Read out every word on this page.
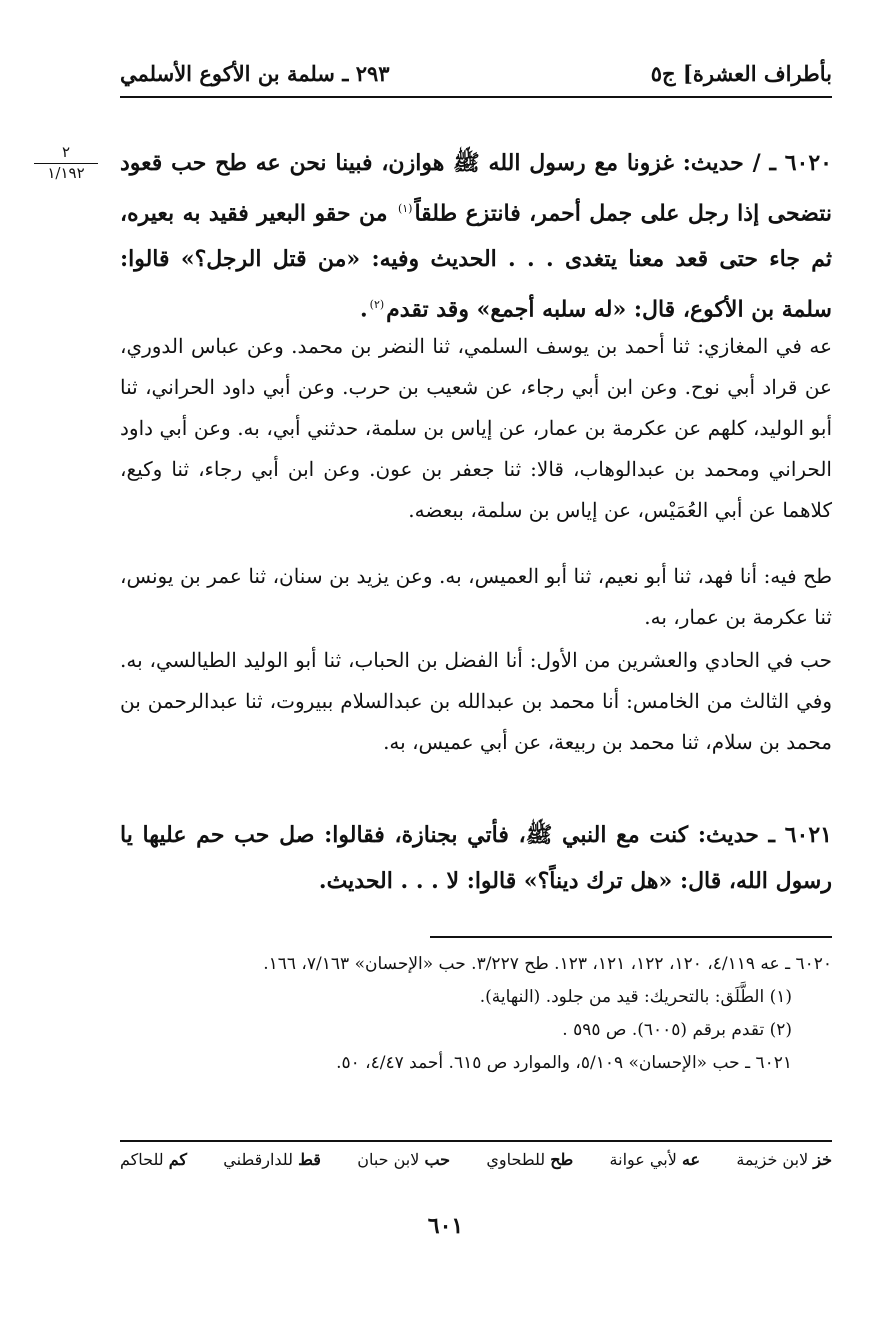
بأطراف العشرة] ج٥
٢٩٣ ـ سلمة بن الأكوع الأسلمي
٢
١/١٩٢	٦٠٢٠ ـ / حديث: غزونا مع رسول الله ﷺ هوازن، فبينا نحن عه طح حب قعود نتضحى إذا رجل على جمل أحمر، فانتزع طلقاً$^{(١)}$ من حقو البعير فقيد به بعيره، ثم جاء حتى قعد معنا يتغدى . . . الحديث وفيه: «من قتل الرجل؟» قالوا: سلمة بن الأكوع، قال: «له سلبه أجمع» وقد تقدم$^{(٢)}$.
عه في المغازي: ثنا أحمد بن يوسف السلمي، ثنا النضر بن محمد. وعن عباس الدوري، عن قراد أبي نوح. وعن ابن أبي رجاء، عن شعيب بن حرب. وعن أبي داود الحراني، ثنا أبو الوليد، كلهم عن عكرمة بن عمار، عن إياس بن سلمة، حدثني أبي، به. وعن أبي داود الحراني ومحمد بن عبدالوهاب، قالا: ثنا جعفر بن عون. وعن ابن أبي رجاء، ثنا وكيع، كلاهما عن أبي العُمَيْس، عن إياس بن سلمة، ببعضه.
طح فيه: أنا فهد، ثنا أبو نعيم، ثنا أبو العميس، به. وعن يزيد بن سنان، ثنا عمر بن يونس، ثنا عكرمة بن عمار، به.
حب في الحادي والعشرين من الأول: أنا الفضل بن الحباب، ثنا أبو الوليد الطيالسي، به. وفي الثالث من الخامس: أنا محمد بن عبدالله بن عبدالسلام ببيروت، ثنا عبدالرحمن بن محمد بن سلام، ثنا محمد بن ربيعة، عن أبي عميس، به.
٦٠٢١ ـ حديث: كنت مع النبي ﷺ، فأتي بجنازة، فقالوا: صل حب حم عليها يا رسول الله، قال: «هل ترك ديناً؟» قالوا: لا . . . الحديث.
٦٠٢٠ ـ عه ٤/١١٩، ١٢٠، ١٢٢، ١٢١، ١٢٣. طح ٣/٢٢٧. حب «الإحسان» ٧/١٦٣، ١٦٦.
(١) الطَّلَق: بالتحريك: قيد من جلود. (النهاية).
(٢) تقدم برقم (٦٠٠٥). ص ٥٩٥ .
٦٠٢١ ـ حب «الإحسان» ٥/١٠٩، والموارد ص ٦١٥. أحمد ٤/٤٧، ٥٠.
خز لابن خزيمة
عه لأبي عوانة
طح للطحاوي
حب لابن حبان
قط للدارقطني
كم للحاكم
٦٠١
